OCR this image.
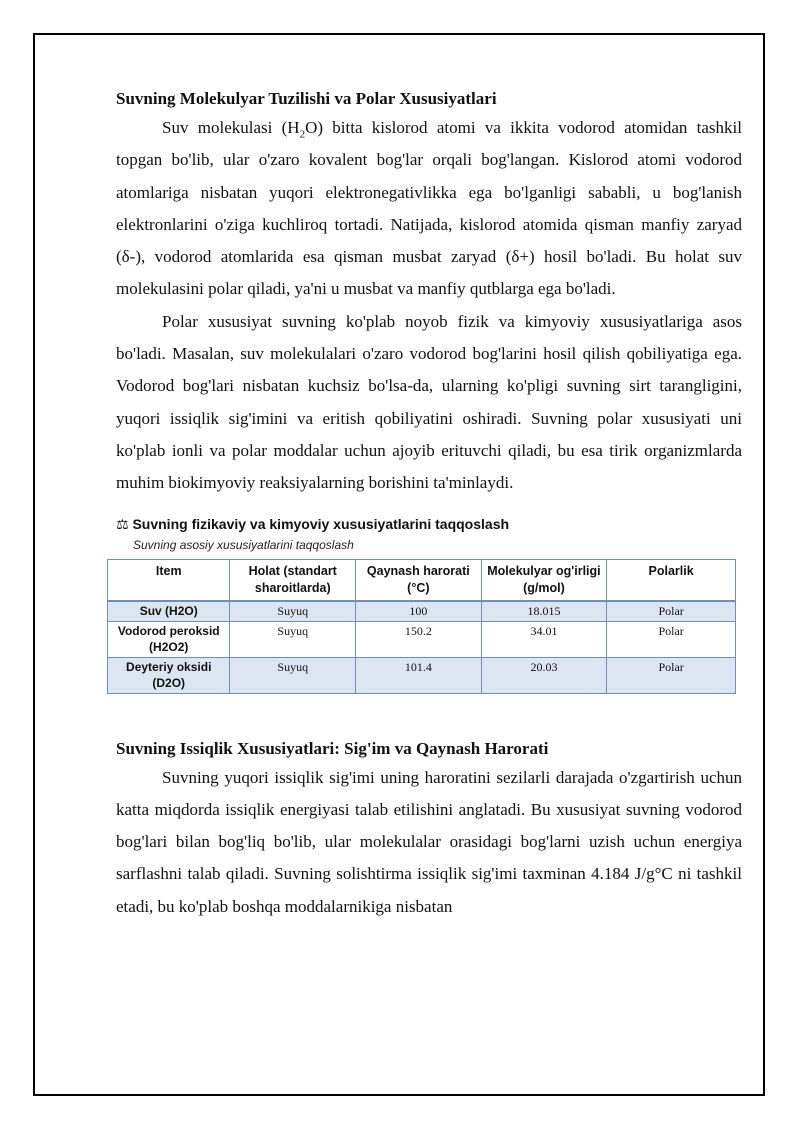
Suvning Molekulyar Tuzilishi va Polar Xususiyatlari

Suv molekulasi $(H_2O)$ bitta kislorod atomi va ikkita vodorod atomidan tashkil topgan bo'lib, ular o'zaro kovalent bog'lar orqali bog'langan. Kislorod atomi vodorod atomlariga nisbatan yuqori elektronegativlikka ega bo'lganligi sababli, u bog'lanish elektronlarini o'ziga kuchliroq tortadi. Natijada, kislorod atomida qisman manfiy zaryad (δ-), vodorod atomlarida esa qisman musbat zaryad (δ+) hosil bo'ladi. Bu holat suv molekulasini polar qiladi, ya'ni u musbat va manfiy qutblarga ega bo'ladi.

Polar xususiyat suvning ko'plab noyob fizik va kimyoviy xususiyatlariga asos bo'ladi. Masalan, suv molekulalari o'zaro vodorod bog'larini hosil qilish qobiliyatiga ega. Vodorod bog'lari nisbatan kuchsiz bo'lsa-da, ularning ko'pligi suvning sirt tarangligini, yuqori issiqlik sig'imini va eritish qobiliyatini oshiradi. Suvning polar xususiyati uni ko'plab ionli va polar moddalar uchun ajoyib erituvchi qiladi, bu esa tirik organizmlarda muhim biokimyoviy reaksiyalarning borishini ta'minlaydi.

⚖ Suvning fizikaviy va kimyoviy xususiyatlarini taqqoslash
Suvning asosiy xususiyatlarini taqqoslash
Item	Holat (standart sharoitlarda)	Qaynash harorati (°C)	Molekulyar og'irligi (g/mol)	Polarlik
Suv (H2O)	Suyuq	100	18.015	Polar
Vodorod peroksid (H2O2)	Suyuq	150.2	34.01	Polar
Deyteriy oksidi (D2O)	Suyuq	101.4	20.03	Polar
Suvning Issiqlik Xususiyatlari: Sig'im va Qaynash Harorati

Suvning yuqori issiqlik sig'imi uning haroratini sezilarli darajada o'zgartirish uchun katta miqdorda issiqlik energiyasi talab etilishini anglatadi. Bu xususiyat suvning vodorod bog'lari bilan bog'liq bo'lib, ular molekulalar orasidagi bog'larni uzish uchun energiya sarflashni talab qiladi. Suvning solishtirma issiqlik sig'imi taxminan 4.184 J/g°C ni tashkil etadi, bu ko'plab boshqa moddalarnikiga nisbatan
